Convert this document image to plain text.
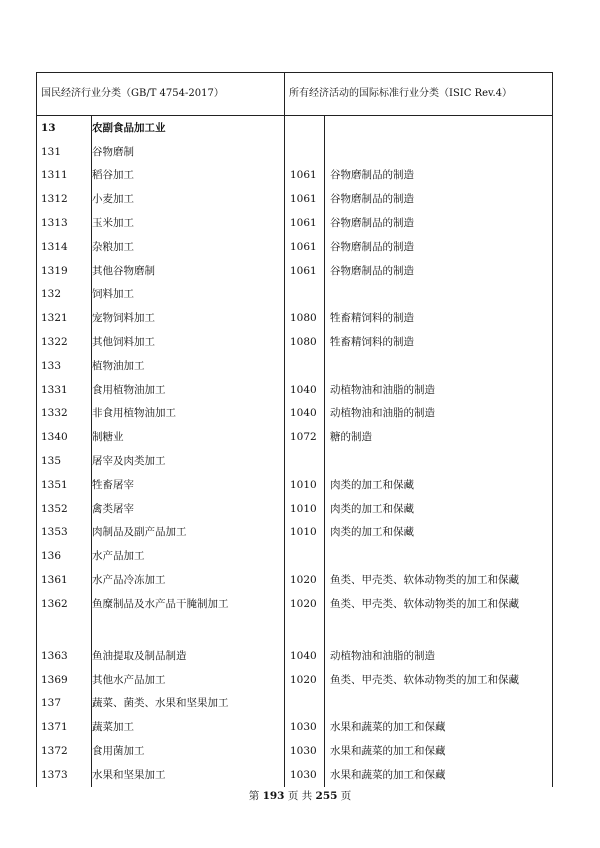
国民经济行业分类（GB/T 4754-2017）		所有经济活动的国际标准行业分类（ISIC Rev.4）	
13	农副食品加工业		
131	谷物磨制		
1311	稻谷加工	1061	谷物磨制品的制造
1312	小麦加工	1061	谷物磨制品的制造
1313	玉米加工	1061	谷物磨制品的制造
1314	杂粮加工	1061	谷物磨制品的制造
1319	其他谷物磨制	1061	谷物磨制品的制造
132	饲料加工		
1321	宠物饲料加工	1080	牲畜精饲料的制造
1322	其他饲料加工	1080	牲畜精饲料的制造
133	植物油加工		
1331	食用植物油加工	1040	动植物油和油脂的制造
1332	非食用植物油加工	1040	动植物油和油脂的制造
1340	制糖业	1072	糖的制造
135	屠宰及肉类加工		
1351	牲畜屠宰	1010	肉类的加工和保藏
1352	禽类屠宰	1010	肉类的加工和保藏
1353	肉制品及副产品加工	1010	肉类的加工和保藏
136	水产品加工		
1361	水产品冷冻加工	1020	鱼类、甲壳类、软体动物类的加工和保藏
1362	鱼糜制品及水产品干腌制加工	1020	鱼类、甲壳类、软体动物类的加工和保藏
1363	鱼油提取及制品制造	1040	动植物油和油脂的制造
1369	其他水产品加工	1020	鱼类、甲壳类、软体动物类的加工和保藏
137	蔬菜、菌类、水果和坚果加工		
1371	蔬菜加工	1030	水果和蔬菜的加工和保藏
1372	食用菌加工	1030	水果和蔬菜的加工和保藏
1373	水果和坚果加工	1030	水果和蔬菜的加工和保藏
第 193 页 共 255 页
